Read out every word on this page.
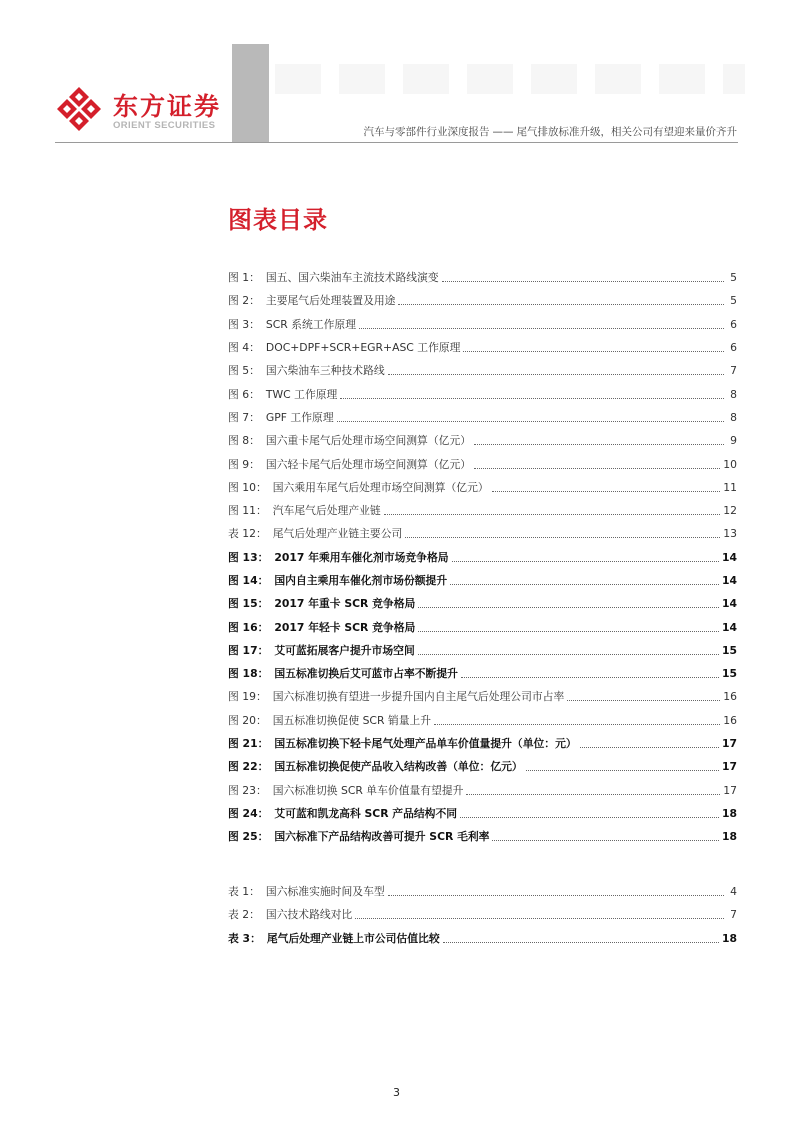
东方证券
ORIENT SECURITIES
汽车与零部件行业深度报告 —— 尾气排放标准升级，相关公司有望迎来量价齐升
图表目录
图 1： 国五、国六柴油车主流技术路线演变	5
图 2： 主要尾气后处理装置及用途	5
图 3： SCR 系统工作原理	6
图 4： DOC+DPF+SCR+EGR+ASC 工作原理	6
图 5： 国六柴油车三种技术路线	7
图 6： TWC 工作原理	8
图 7： GPF 工作原理	8
图 8： 国六重卡尾气后处理市场空间测算（亿元）	9
图 9： 国六轻卡尾气后处理市场空间测算（亿元）	10
图 10： 国六乘用车尾气后处理市场空间测算（亿元）	11
图 11： 汽车尾气后处理产业链	12
表 12： 尾气后处理产业链主要公司	13
图 13： 2017 年乘用车催化剂市场竞争格局	14
图 14： 国内自主乘用车催化剂市场份额提升	14
图 15： 2017 年重卡 SCR 竞争格局	14
图 16： 2017 年轻卡 SCR 竞争格局	14
图 17： 艾可蓝拓展客户提升市场空间	15
图 18： 国五标准切换后艾可蓝市占率不断提升	15
图 19： 国六标准切换有望进一步提升国内自主尾气后处理公司市占率	16
图 20： 国五标准切换促使 SCR 销量上升	16
图 21： 国五标准切换下轻卡尾气处理产品单车价值量提升（单位：元）	17
图 22： 国五标准切换促使产品收入结构改善（单位：亿元）	17
图 23： 国六标准切换 SCR 单车价值量有望提升	17
图 24： 艾可蓝和凯龙高科 SCR 产品结构不同	18
图 25： 国六标准下产品结构改善可提升 SCR 毛利率	18
表 1： 国六标准实施时间及车型	4
表 2： 国六技术路线对比	7
表 3： 尾气后处理产业链上市公司估值比较	18
3
